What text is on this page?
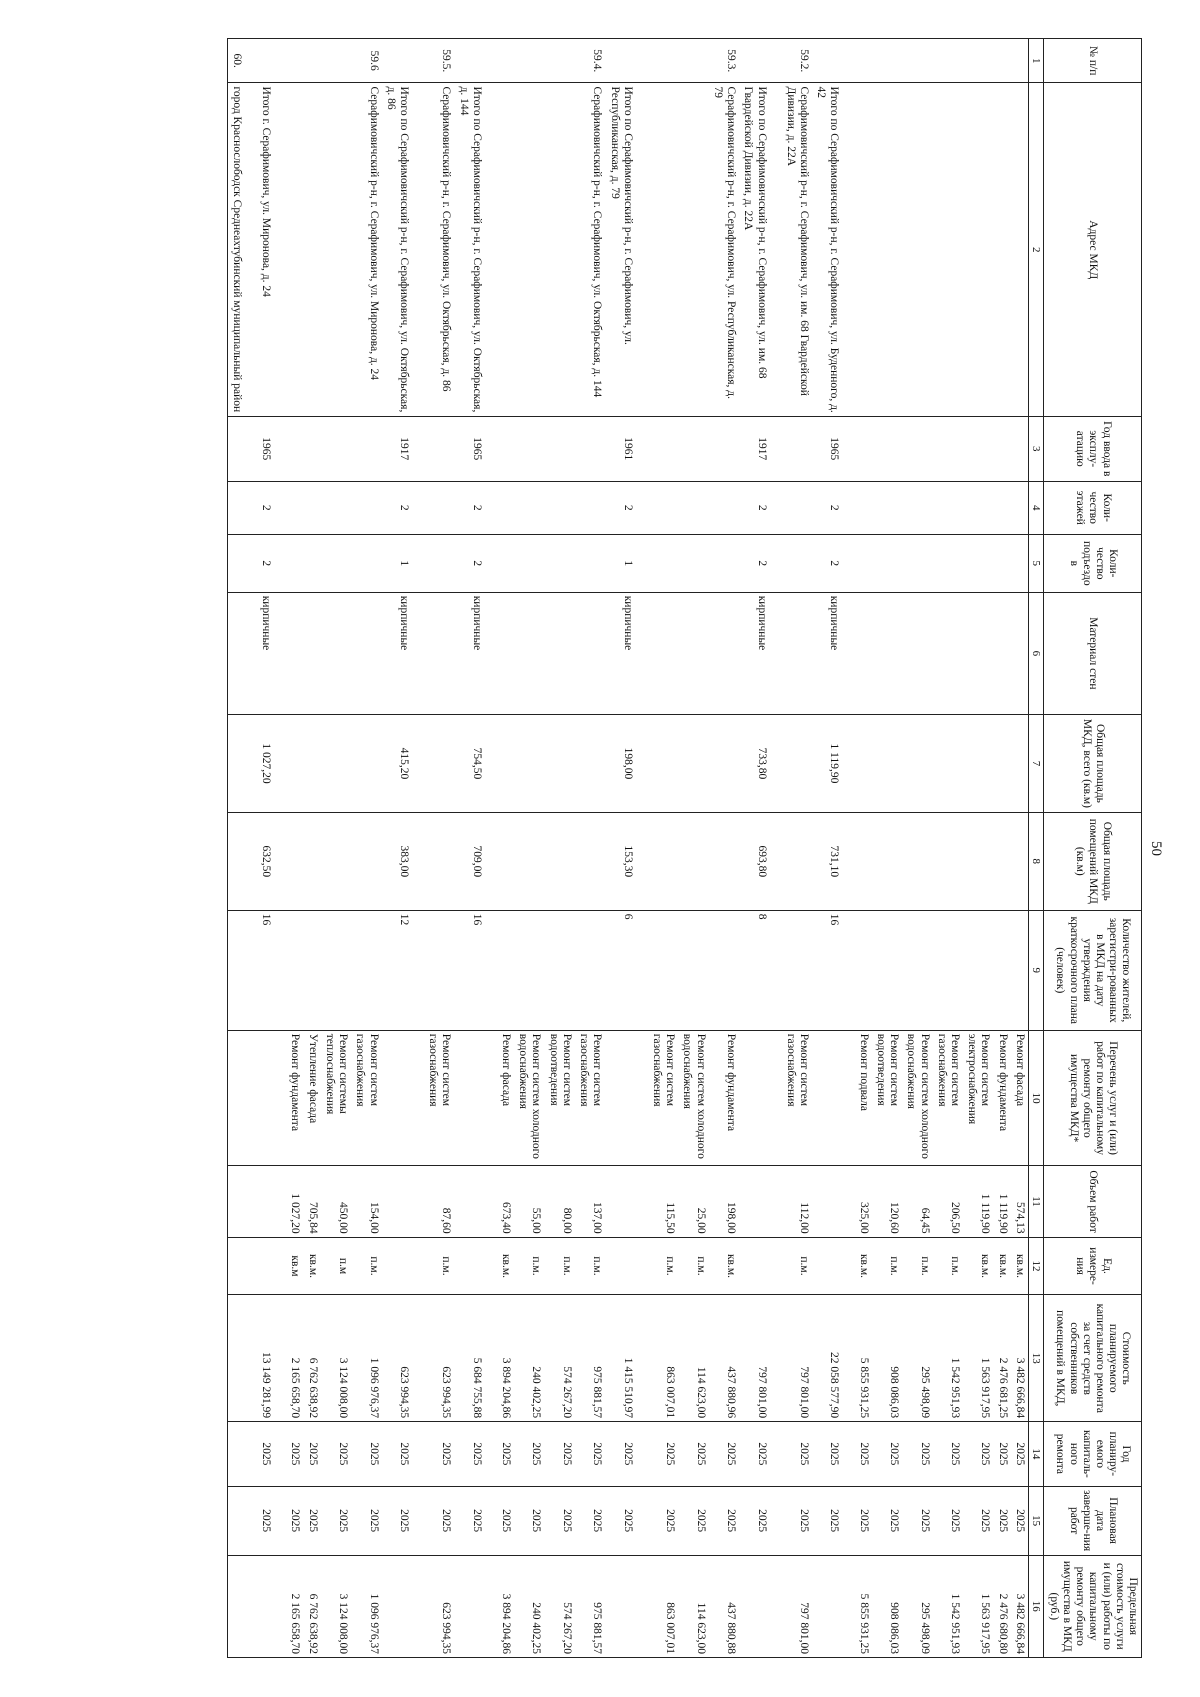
50
№ п/п	Адрес МКД	Год ввода в эксплу-атацию	Коли-чество этажей	Коли-чество подъездо в	Материал стен	Общая площадь МКД, всего (кв.м)	Общая площадь помещений МКД (кв.м)	Количество жителей, зарегистри-рованных в МКД на дату утверждения краткосрочного плана (человек)	Перечень услуг и (или) работ по капитальному ремонту общего имущества МКД*	Объем работ	Ед. измере-ния	Стоимость планируемого капитального ремонта за счет средств собственников помещений в МКД,	Год планиру-емого капиталь-ного ремонта	Плановая дата заверше-ния работ	Предельная стоимость услуги и (или) работы по капитальному ремонту общего имущества в МКД (руб.)
1	2	3	4	5	6	7	8	9	10	11	12	13	14	15	16
									Ремонт фасада	574,13	кв.м.	3 482 666,84	2025	2025	3 482 666,84
									Ремонт фундамента	1 119,90	кв.м.	2 476 681,25	2025	2025	2 476 680,80
									Ремонт систем электроснабжения	1 119,90	кв.м.	1 563 917,95	2025	2025	1 563 917,95
									Ремонт систем газоснабжения	206,50	п.м.	1 542 951,93	2025	2025	1 542 951,93
									Ремонт систем холодного водоснабжения	64,45	п.м.	295 498,09	2025	2025	295 498,09
									Ремонт систем водоотведения	120,60	п.м.	908 086,03	2025	2025	908 086,03
									Ремонт подвала	325,00	кв.м.	5 855 931,25	2025	2025	5 855 931,25
	Итого по Серафимовичский р-н, г. Серафимович, ул. Буденного, д. 42	1965	2	2	кирпичные	1 119,90	731,10	16				22 058 577,90	2025	2025	
59.2.	Серафимовичский р-н, г. Серафимович, ул. им. 68 Гвардейской Дивизии, д. 22А								Ремонт систем газоснабжения	112,00	п.м.	797 801,00	2025	2025	797 801,00
	Итого по Серафимовичский р-н, г. Серафимович, ул. им. 68 Гвардейской Дивизии, д. 22А	1917	2	2	кирпичные	733,80	693,80	8				797 801,00	2025	2025	
59.3.	Серафимовичский р-н, г. Серафимович, ул. Республиканская, д. 79								Ремонт фундамента	198,00	кв.м.	437 880,96	2025	2025	437 880,88
									Ремонт систем холодного водоснабжения	25,00	п.м.	114 623,00	2025	2025	114 623,00
									Ремонт систем газоснабжения	115,50	п.м.	863 007,01	2025	2025	863 007,01
	Итого по Серафимовичский р-н, г. Серафимович, ул. Республиканская, д. 79	1961	2	1	кирпичные	198,00	153,30	6				1 415 510,97	2025	2025	
59.4.	Серафимовичский р-н, г. Серафимович, ул. Октябрьская, д. 144								Ремонт систем газоснабжения	137,00	п.м.	975 881,57	2025	2025	975 881,57
									Ремонт систем водоотведения	80,00	п.м.	574 267,20	2025	2025	574 267,20
									Ремонт систем холодного водоснабжения	55,00	п.м.	240 402,25	2025	2025	240 402,25
									Ремонт фасада	673,40	кв.м.	3 894 204,86	2025	2025	3 894 204,86
	Итого по Серафимовичский р-н, г. Серафимович, ул. Октябрьская, д. 144	1965	2	2	кирпичные	754,50	709,00	16				5 684 755,88	2025	2025	
59.5.	Серафимовичский р-н, г. Серафимович, ул. Октябрьская, д. 86								Ремонт систем газоснабжения	87,60	п.м.	623 994,35	2025	2025	623 994,35
	Итого по Серафимовичский р-н, г. Серафимович, ул. Октябрьская, д. 86	1917	2	1	кирпичные	415,20	383,00	12				623 994,35	2025	2025	
59.6	Серафимовичский р-н, г. Серафимович, ул. Миронова, д. 24								Ремонт систем газоснабжения	154,00	п.м.	1 096 976,37	2025	2025	1 096 976,37
									Ремонт системы теплоснабжения	450,00	п.м	3 124 008,00	2025	2025	3 124 008,00
									Утепление фасада	705,84	кв.м.	6 762 638,92	2025	2025	6 762 638,92
									Ремонт фундамента	1 027,20	кв.м	2 165 658,70	2025	2025	2 165 658,70
	Итого г. Серафимович, ул. Миронова, д. 24	1965	2	2	кирпичные	1 027,20	632,50	16				13 149 281,99	2025	2025	
60.	город Краснослободск Среднеахтубинский муниципальный район														
